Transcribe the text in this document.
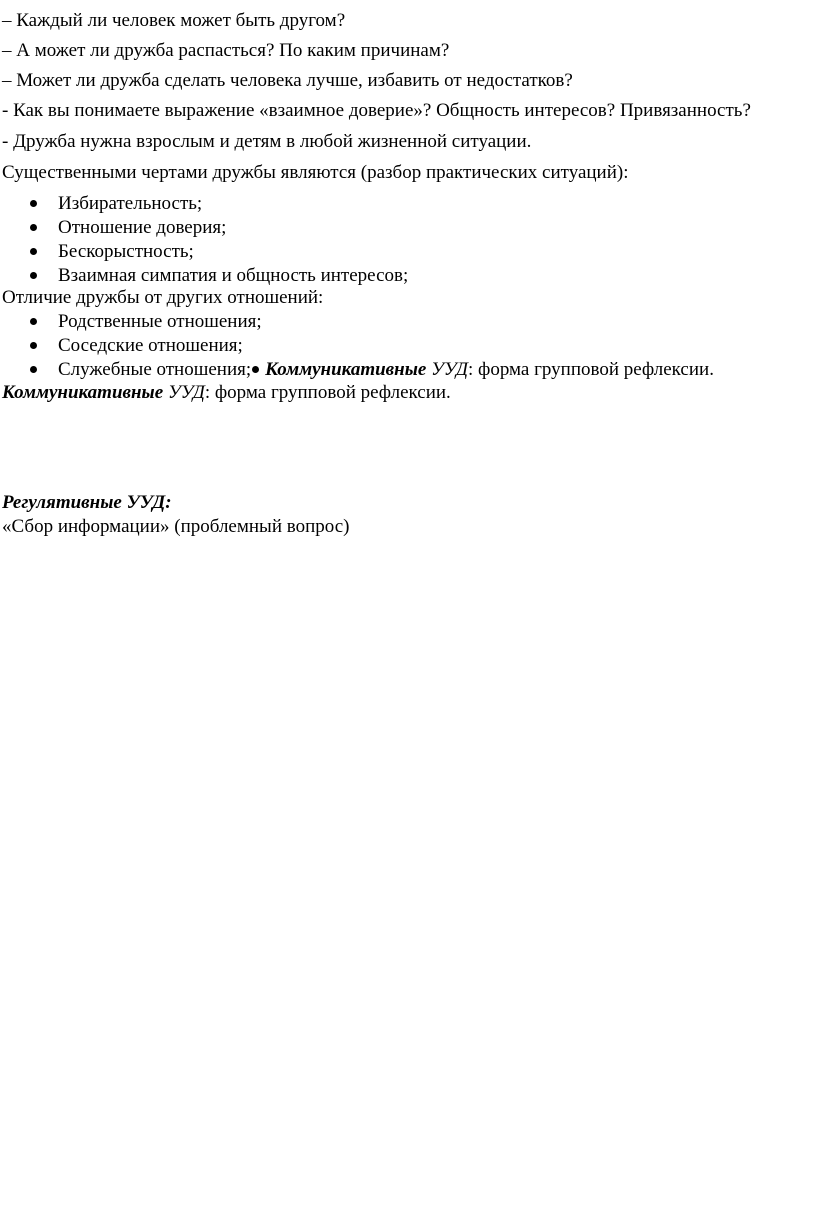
– Каждый ли человек может быть другом?
– А может ли дружба распасться? По каким причинам?
– Может ли дружба сделать человека лучше, избавить от недостатков?
- Как вы понимаете выражение «взаимное доверие»? Общность интересов? Привязанность?
- Дружба нужна взрослым и детям в любой жизненной ситуации.
Существенными чертами дружбы являются (разбор практических ситуаций):
Избирательность;
Отношение доверия;
Бескорыстность;
Взаимная симпатия и общность интересов;
Отличие дружбы от других отношений:
Родственные отношения;
Соседские отношения;
Служебные отношения; Коммуникативные УУД: форма групповой рефлексии.
Коммуникативные УУД: форма групповой рефлексии.
Регулятивные УУД:
«Сбор информации» (проблемный вопрос)
